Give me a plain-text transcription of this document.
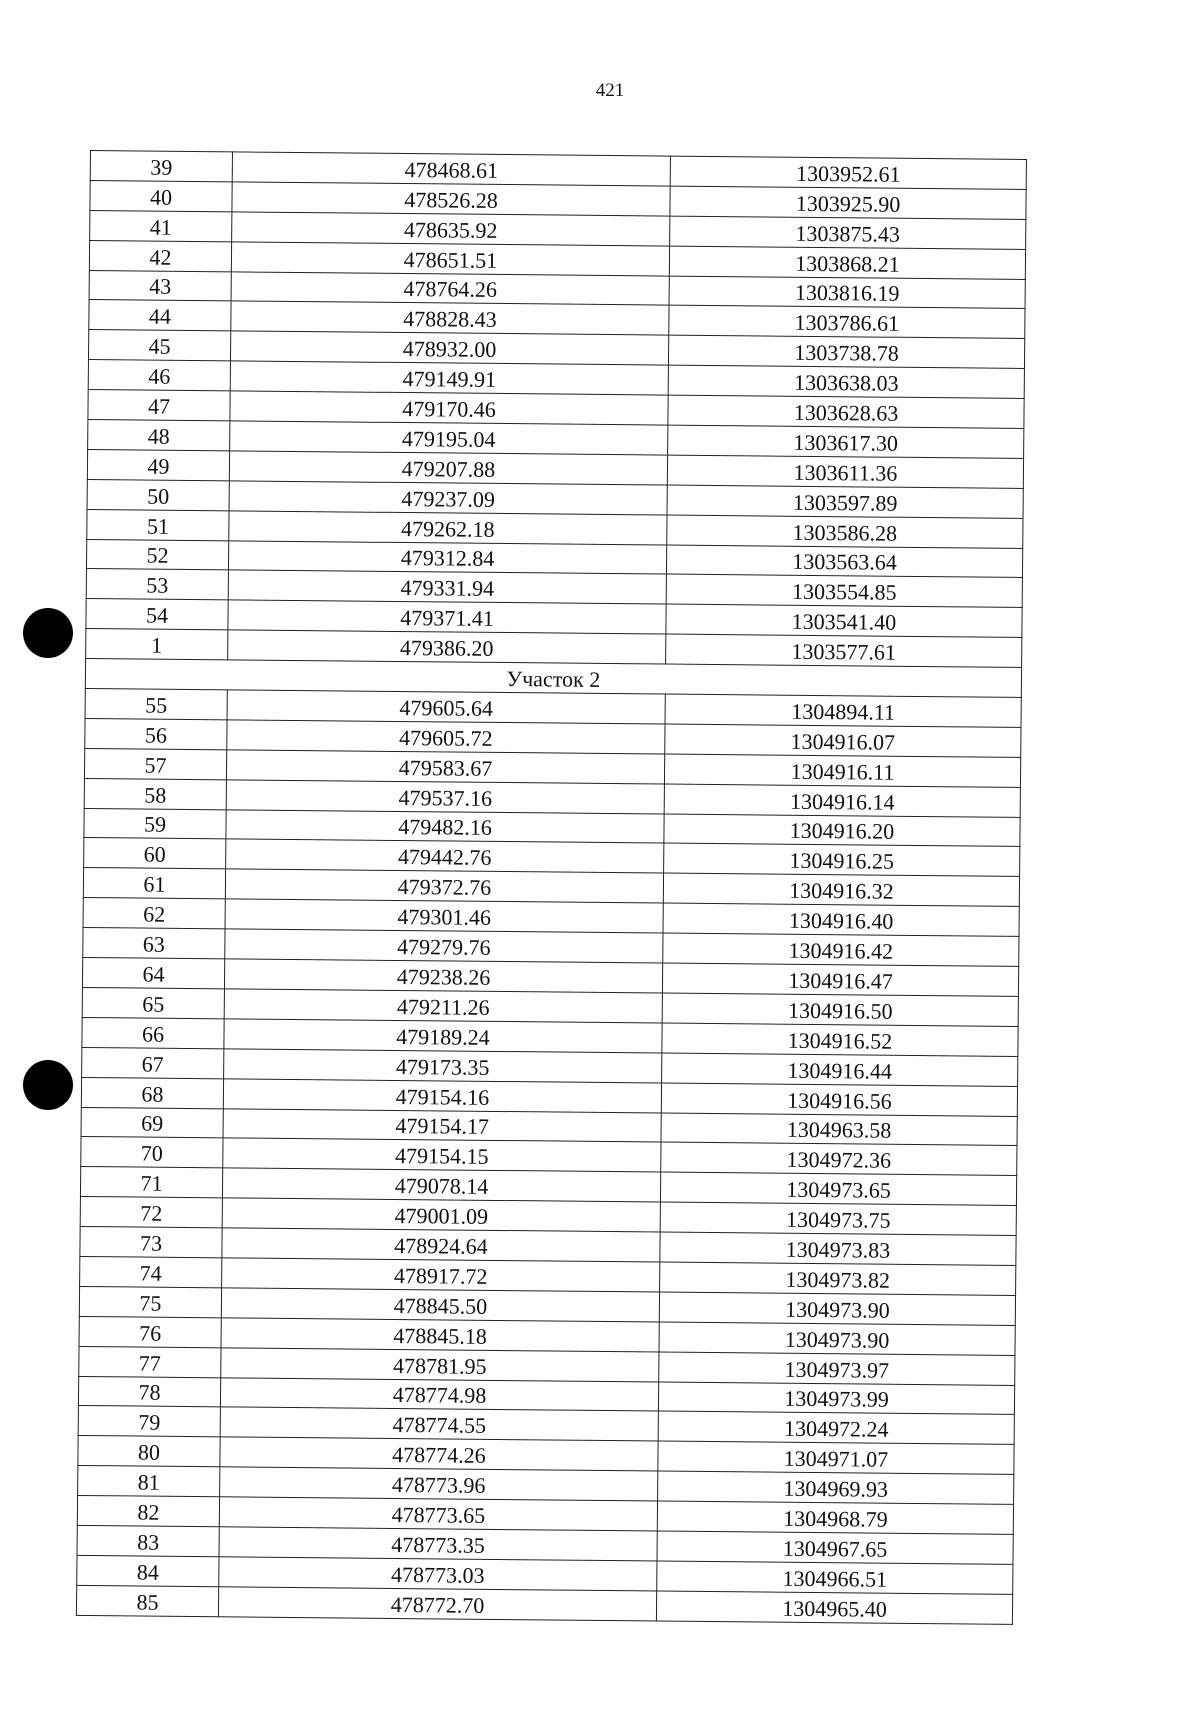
421
39	478468.61	1303952.61
40	478526.28	1303925.90
41	478635.92	1303875.43
42	478651.51	1303868.21
43	478764.26	1303816.19
44	478828.43	1303786.61
45	478932.00	1303738.78
46	479149.91	1303638.03
47	479170.46	1303628.63
48	479195.04	1303617.30
49	479207.88	1303611.36
50	479237.09	1303597.89
51	479262.18	1303586.28
52	479312.84	1303563.64
53	479331.94	1303554.85
54	479371.41	1303541.40
1	479386.20	1303577.61
Участок 2		
55	479605.64	1304894.11
56	479605.72	1304916.07
57	479583.67	1304916.11
58	479537.16	1304916.14
59	479482.16	1304916.20
60	479442.76	1304916.25
61	479372.76	1304916.32
62	479301.46	1304916.40
63	479279.76	1304916.42
64	479238.26	1304916.47
65	479211.26	1304916.50
66	479189.24	1304916.52
67	479173.35	1304916.44
68	479154.16	1304916.56
69	479154.17	1304963.58
70	479154.15	1304972.36
71	479078.14	1304973.65
72	479001.09	1304973.75
73	478924.64	1304973.83
74	478917.72	1304973.82
75	478845.50	1304973.90
76	478845.18	1304973.90
77	478781.95	1304973.97
78	478774.98	1304973.99
79	478774.55	1304972.24
80	478774.26	1304971.07
81	478773.96	1304969.93
82	478773.65	1304968.79
83	478773.35	1304967.65
84	478773.03	1304966.51
85	478772.70	1304965.40
